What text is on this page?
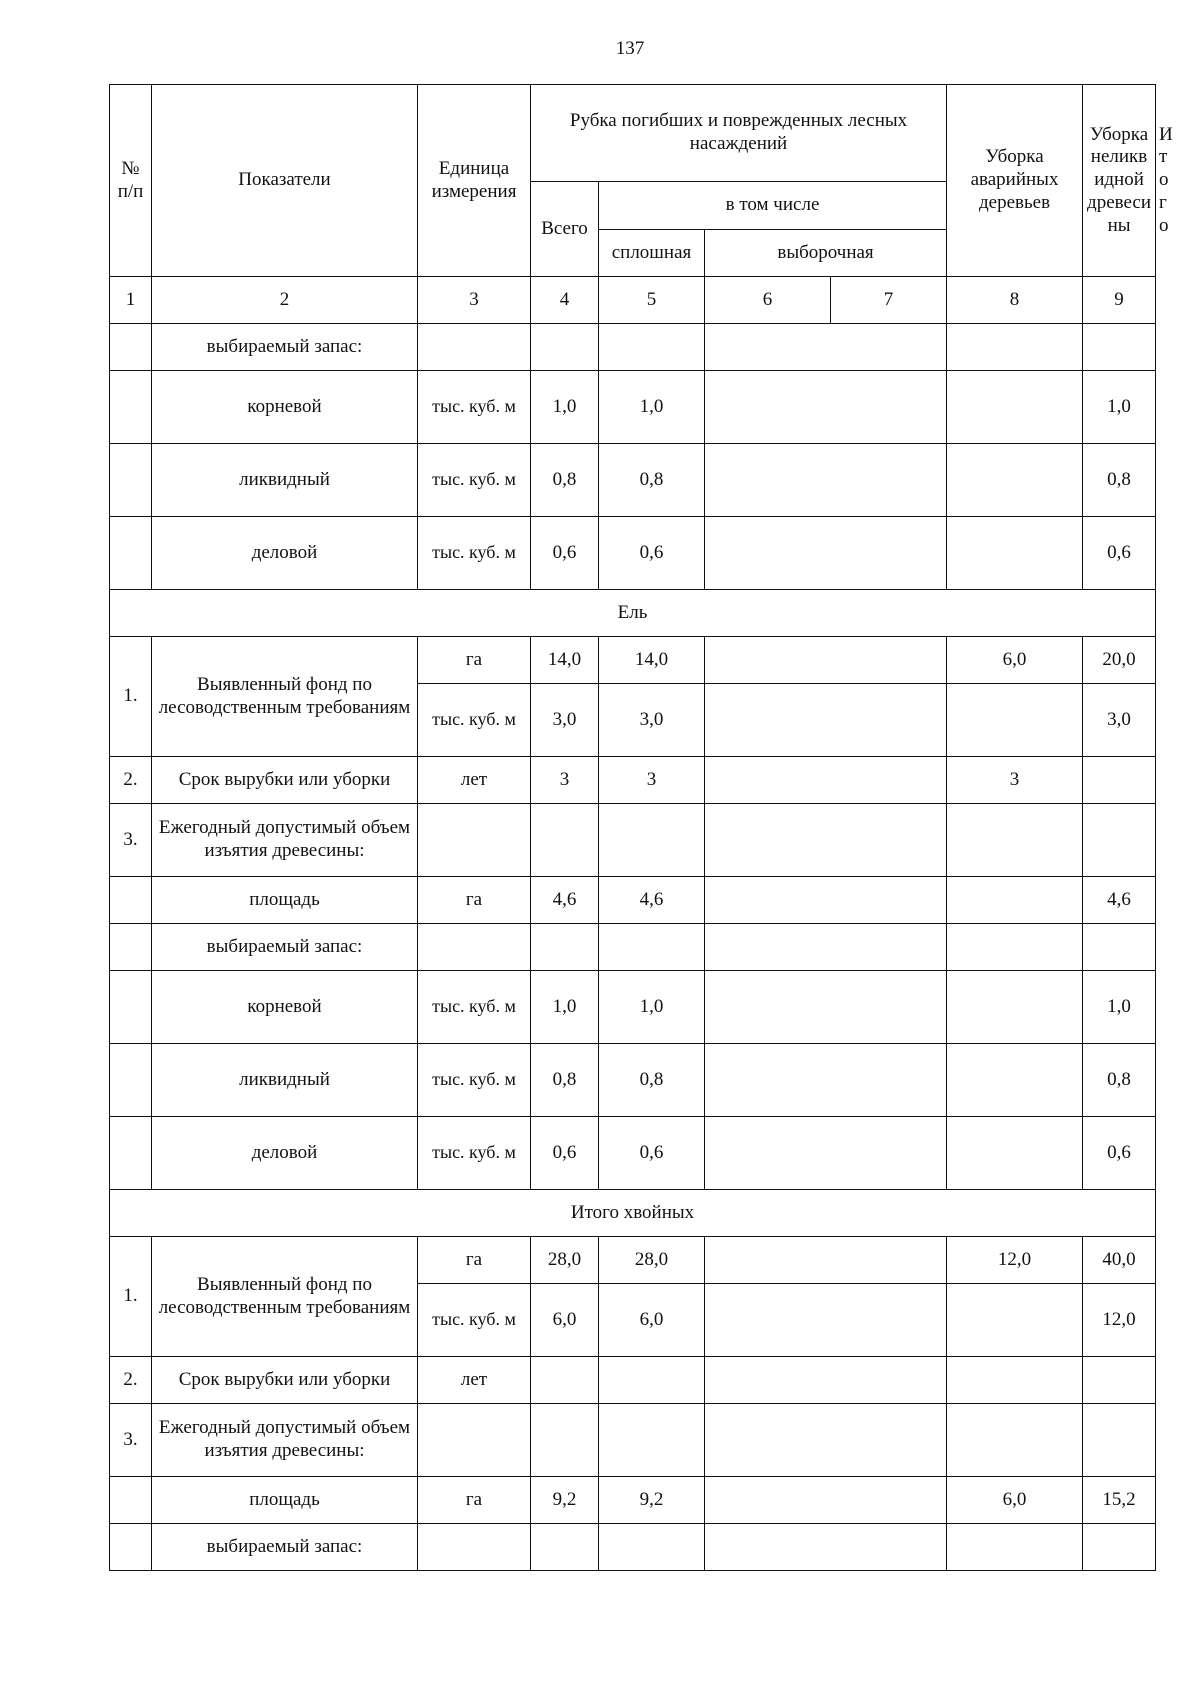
137
№ п/п	Показатели	Единица измерения	Рубка погибших и поврежденных лесных насаждений				Уборка аварийных деревьев	Уборка неликвидной древесины	Итого
			Всего	в том числе					
				сплошная	выборочная				
1	2	3	4	5	6	7	8	9	
	выбираемый запас:								
	корневой	тыс. куб. м	1,0	1,0				1,0	
	ликвидный	тыс. куб. м	0,8	0,8				0,8	
	деловой	тыс. куб. м	0,6	0,6				0,6	
Ель									
1.	Выявленный фонд по лесоводственным требованиям	га	14,0	14,0			6,0	20,0	
		тыс. куб. м	3,0	3,0				3,0	
2.	Срок вырубки или уборки	лет	3	3			3		
3.	Ежегодный допустимый объем изъятия древесины:								
	площадь	га	4,6	4,6				4,6	
	выбираемый запас:								
	корневой	тыс. куб. м	1,0	1,0				1,0	
	ликвидный	тыс. куб. м	0,8	0,8				0,8	
	деловой	тыс. куб. м	0,6	0,6				0,6	
Итого хвойных									
1.	Выявленный фонд по лесоводственным требованиям	га	28,0	28,0			12,0	40,0	
		тыс. куб. м	6,0	6,0				12,0	
2.	Срок вырубки или уборки	лет							
3.	Ежегодный допустимый объем изъятия древесины:								
	площадь	га	9,2	9,2			6,0	15,2	
	выбираемый запас:								
